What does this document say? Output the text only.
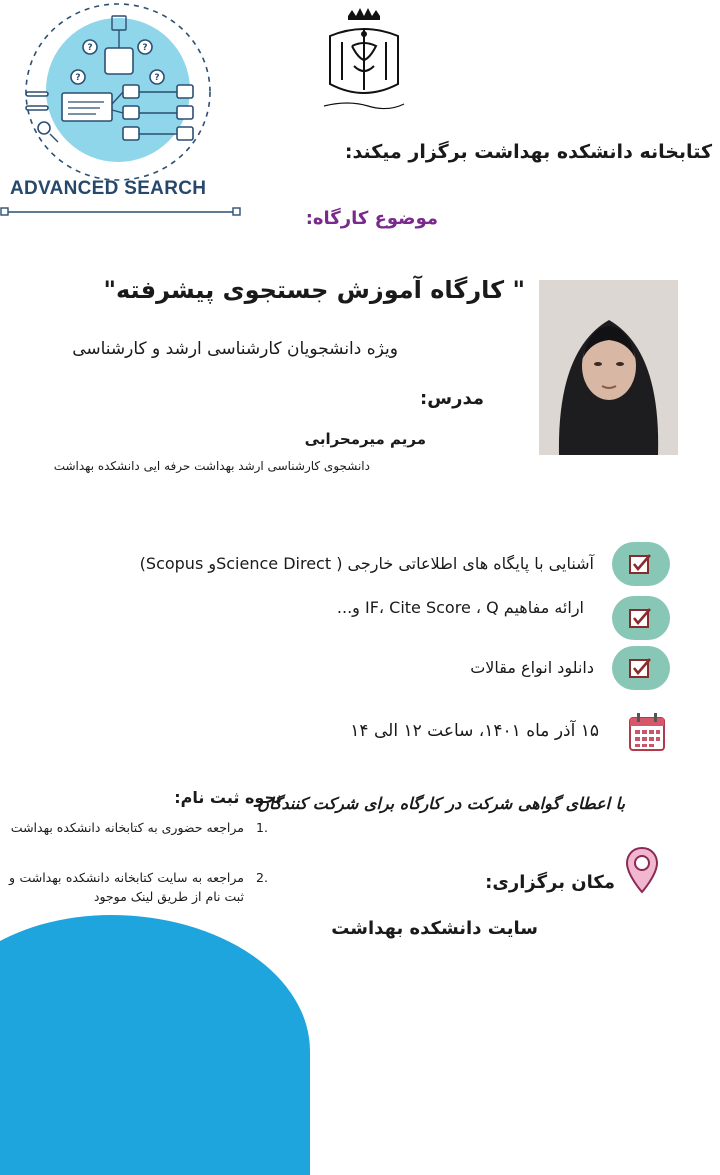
?	?
?	?
ADVANCED SEARCH
کتابخانه دانشکده بهداشت برگزار میکند:
موضوع کارگاه:
" کارگاه آموزش جستجوی پیشرفته"
ویژه دانشجویان کارشناسی ارشد و کارشناسی
مدرس:
مریم میرمحرابی
دانشجوی کارشناسی ارشد بهداشت حرفه ایی دانشکده بهداشت
آشنایی با پایگاه های اطلاعاتی خارجی ( Science Directو Scopus)
ارائه مفاهیم IF، Cite Score ، Q و...
دانلود انواع مقالات
۱۵ آذر ماه ۱۴۰۱، ساعت ۱۲ الی ۱۴
با اعطای گواهی شرکت در کارگاه برای شرکت کنندگان
نحوه ثبت نام:
1.
مراجعه حضوری به کتابخانه دانشکده بهداشت
2.
مراجعه به سایت کتابخانه دانشکده بهداشت و ثبت نام از طریق لینک موجود
مکان برگزاری:
سایت دانشکده بهداشت
